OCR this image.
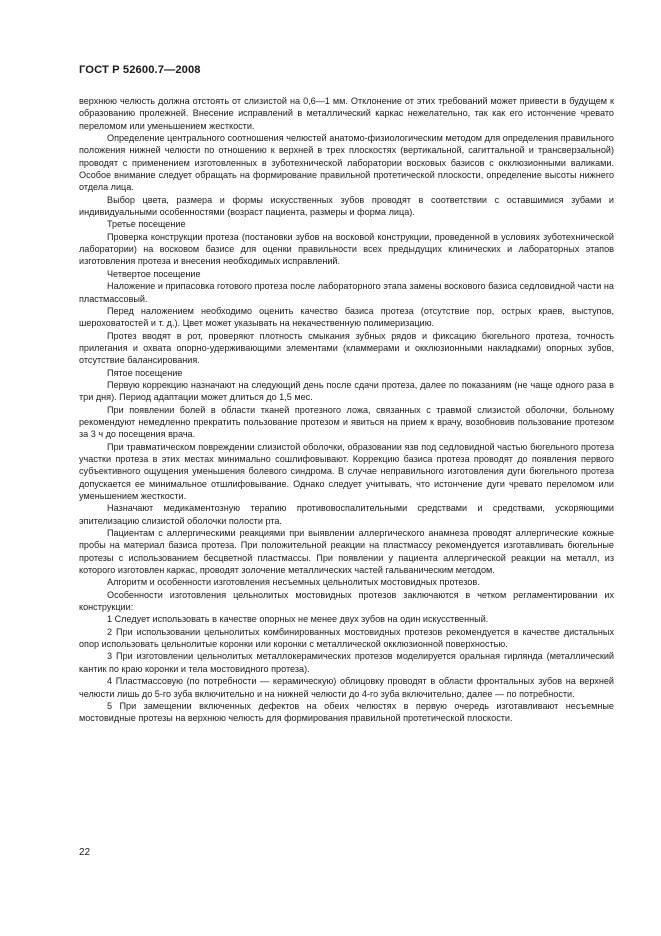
ГОСТ Р 52600.7—2008

верхнюю челюсть должна отстоять от слизистой на 0,6—1 мм. Отклонение от этих требований может привести в будущем к образованию пролежней. Внесение исправлений в металлический каркас нежелательно, так как его истончение чревато переломом или уменьшением жесткости.

Определение центрального соотношения челюстей анатомо-физиологическим методом для определения правильного положения нижней челюсти по отношению к верхней в трех плоскостях (вертикальной, сагиттальной и трансверзальной) проводят с применением изготовленных в зуботехнической лаборатории восковых базисов с окклюзионными валиками. Особое внимание следует обращать на формирование правильной протетической плоскости, определение высоты нижнего отдела лица.

Выбор цвета, размера и формы искусственных зубов проводят в соответствии с оставшимися зубами и индивидуальными особенностями (возраст пациента, размеры и форма лица).

Третье посещение

Проверка конструкции протеза (постановки зубов на восковой конструкции, проведенной в условиях зуботехнической лаборатории) на восковом базисе для оценки правильности всех предыдущих клинических и лабораторных этапов изготовления протеза и внесения необходимых исправлений.

Четвертое посещение

Наложение и припасовка готового протеза после лабораторного этапа замены воскового базиса седловидной части на пластмассовый.

Перед наложением необходимо оценить качество базиса протеза (отсутствие пор, острых краев, выступов, шероховатостей и т. д.). Цвет может указывать на некачественную полимеризацию.

Протез вводят в рот, проверяют плотность смыкания зубных рядов и фиксацию бюгельного протеза, точность прилегания и охвата опорно-удерживающими элементами (кламмерами и окклюзионными накладками) опорных зубов, отсутствие балансирования.

Пятое посещение

Первую коррекцию назначают на следующий день после сдачи протеза, далее по показаниям (не чаще одного раза в три дня). Период адаптации может длиться до 1,5 мес.

При появлении болей в области тканей протезного ложа, связанных с травмой слизистой оболочки, больному рекомендуют немедленно прекратить пользование протезом и явиться на прием к врачу, возобновив пользование протезом за 3 ч до посещения врача.

При травматическом повреждении слизистой оболочки, образовании язв под седловидной частью бюгельного протеза участки протеза в этих местах минимально сошлифовывают. Коррекцию базиса протеза проводят до появления первого субъективного ощущения уменьшения болевого синдрома. В случае неправильного изготовления дуги бюгельного протеза допускается ее минимальное отшлифовывание. Однако следует учитывать, что истончение дуги чревато переломом или уменьшением жесткости.

Назначают медикаментозную терапию противовоспалительными средствами и средствами, ускоряющими эпителизацию слизистой оболочки полости рта.

Пациентам с аллергическими реакциями при выявлении аллергического анамнеза проводят аллергические кожные пробы на материал базиса протеза. При положительной реакции на пластмассу рекомендуется изготавливать бюгельные протезы с использованием бесцветной пластмассы. При появлении у пациента аллергической реакции на металл, из которого изготовлен каркас, проводят золочение металлических частей гальваническим методом.

Алгоритм и особенности изготовления несъемных цельнолитых мостовидных протезов.

Особенности изготовления цельнолитых мостовидных протезов заключаются в четком регламентировании их конструкции:

1 Следует использовать в качестве опорных не менее двух зубов на один искусственный.

2 При использовании цельнолитых комбинированных мостовидных протезов рекомендуется в качестве дистальных опор использовать цельнолитые коронки или коронки с металлической окклюзионной поверхностью.

3 При изготовлении цельнолитых металлокерамических протезов моделируется оральная гирлянда (металлический кантик по краю коронки и тела мостовидного протеза).

4 Пластмассовую (по потребности — керамическую) облицовку проводят в области фронтальных зубов на верхней челюсти лишь до 5-го зуба включительно и на нижней челюсти до 4-го зуба включительно, далее — по потребности.

5 При замещении включенных дефектов на обеих челюстях в первую очередь изготавливают несъемные мостовидные протезы на верхнюю челюсть для формирования правильной протетической плоскости.

22
